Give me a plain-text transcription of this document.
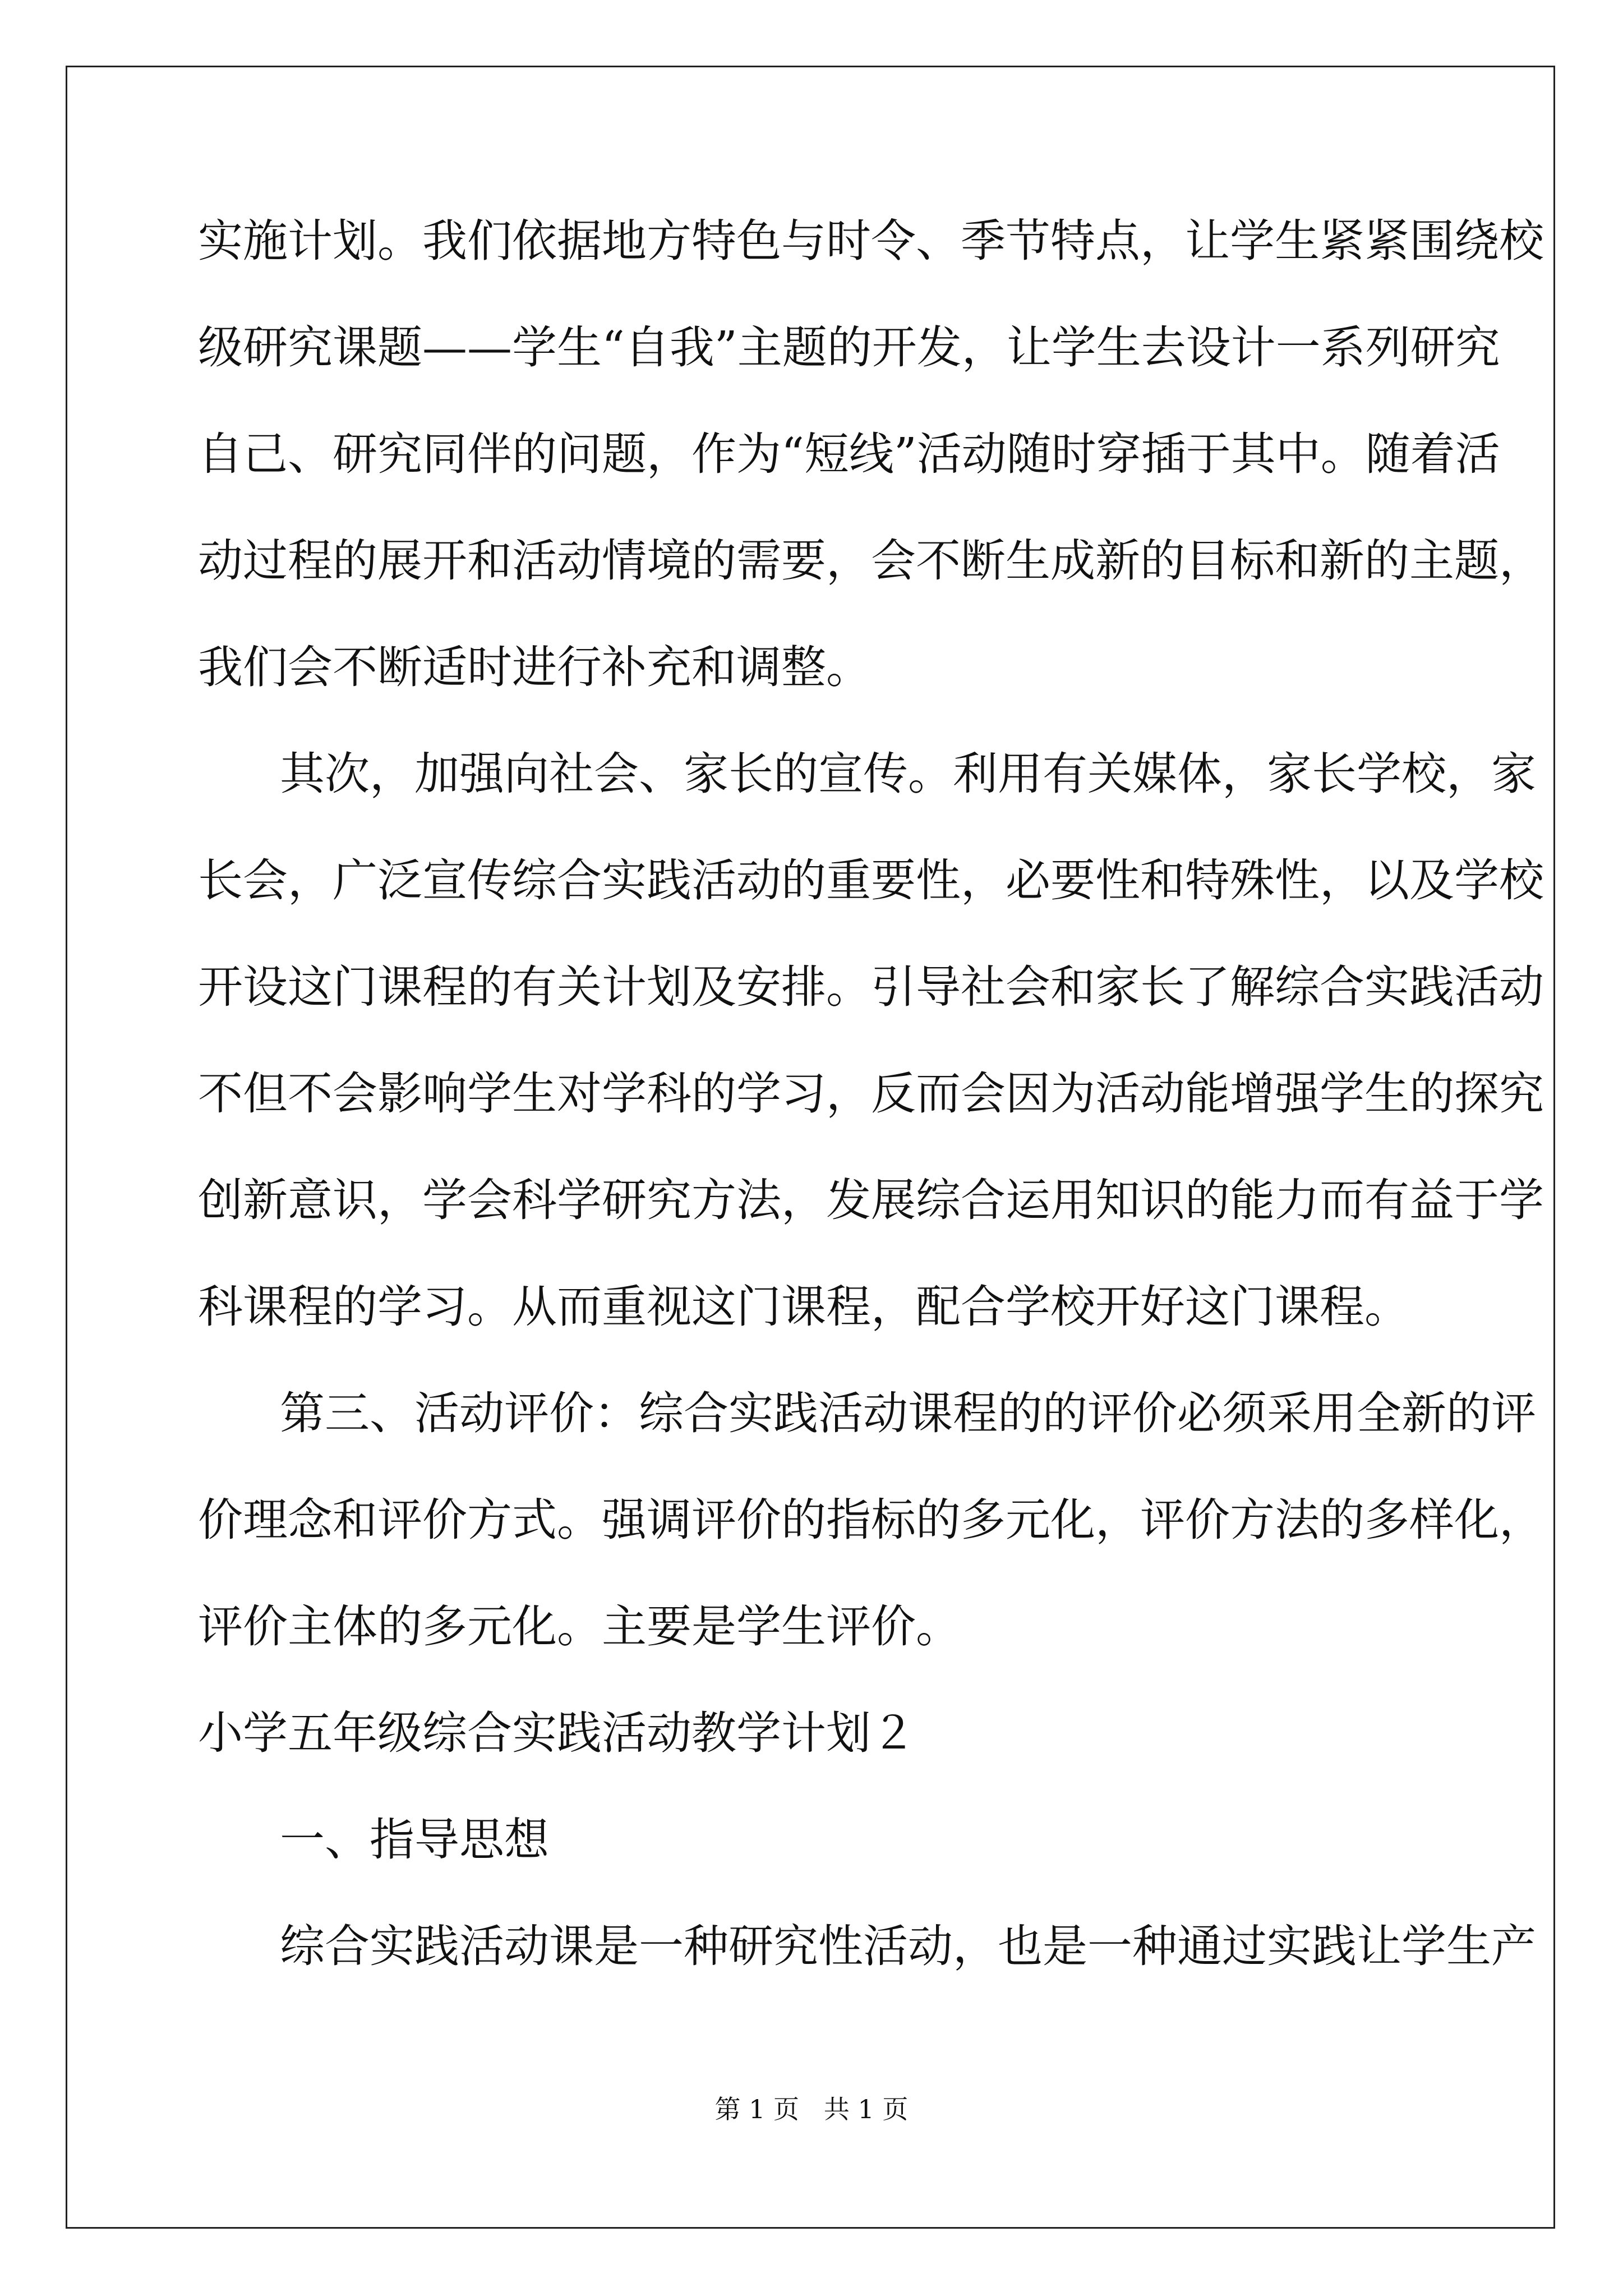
实施计划。我们依据地方特色与时令、季节特点，让学生紧紧围绕校
级研究课题——学生“自我”主题的开发，让学生去设计一系列研究
自己、研究同伴的问题，作为“短线”活动随时穿插于其中。随着活
动过程的展开和活动情境的需要，会不断生成新的目标和新的主题，
我们会不断适时进行补充和调整。
其次，加强向社会、家长的宣传。利用有关媒体，家长学校，家
长会，广泛宣传综合实践活动的重要性，必要性和特殊性，以及学校
开设这门课程的有关计划及安排。引导社会和家长了解综合实践活动
不但不会影响学生对学科的学习，反而会因为活动能增强学生的探究
创新意识，学会科学研究方法，发展综合运用知识的能力而有益于学
科课程的学习。从而重视这门课程，配合学校开好这门课程。
第三、活动评价：综合实践活动课程的的评价必须采用全新的评
价理念和评价方式。强调评价的指标的多元化，评价方法的多样化，
评价主体的多元化。主要是学生评价。
小学五年级综合实践活动教学计划２
一、指导思想
综合实践活动课是一种研究性活动，也是一种通过实践让学生产
第 1 页   共 1 页
